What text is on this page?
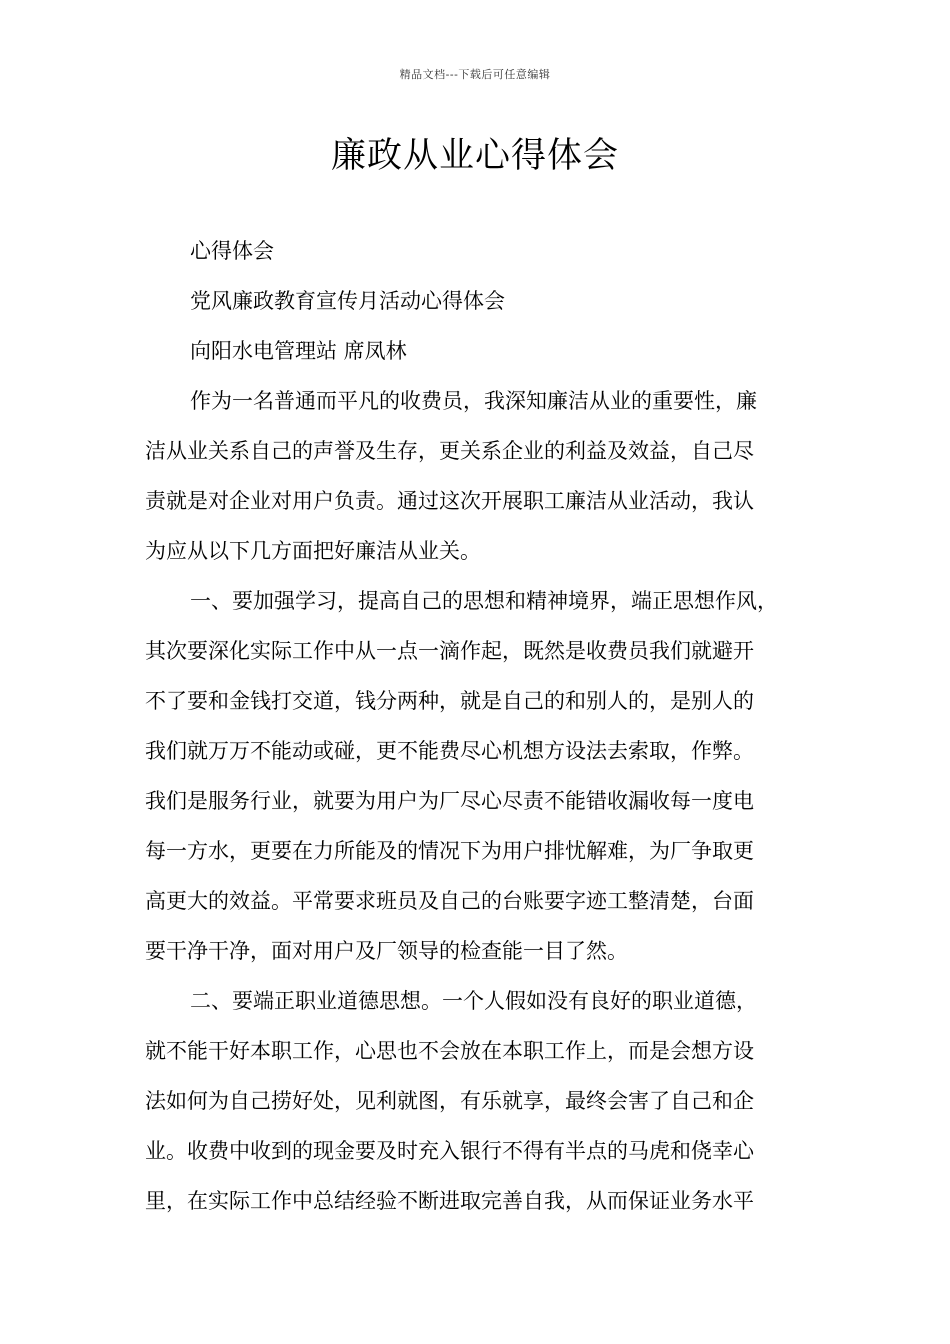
精品文档---下载后可任意编辑
廉政从业心得体会
心得体会
党风廉政教育宣传月活动心得体会
向阳水电管理站 席凤林
作为一名普通而平凡的收费员，我深知廉洁从业的重要性，廉
洁从业关系自己的声誉及生存，更关系企业的利益及效益，自己尽
责就是对企业对用户负责。通过这次开展职工廉洁从业活动，我认
为应从以下几方面把好廉洁从业关。
一、要加强学习，提高自己的思想和精神境界，端正思想作风，
其次要深化实际工作中从一点一滴作起，既然是收费员我们就避开
不了要和金钱打交道，钱分两种，就是自己的和别人的，是别人的
我们就万万不能动或碰，更不能费尽心机想方设法去索取，作弊。
我们是服务行业，就要为用户为厂尽心尽责不能错收漏收每一度电
每一方水，更要在力所能及的情况下为用户排忧解难，为厂争取更
高更大的效益。平常要求班员及自己的台账要字迹工整清楚，台面
要干净干净，面对用户及厂领导的检查能一目了然。
二、要端正职业道德思想。一个人假如没有良好的职业道德，
就不能干好本职工作，心思也不会放在本职工作上，而是会想方设
法如何为自己捞好处，见利就图，有乐就享，最终会害了自己和企
业。收费中收到的现金要及时充入银行不得有半点的马虎和侥幸心
里，在实际工作中总结经验不断进取完善自我，从而保证业务水平
